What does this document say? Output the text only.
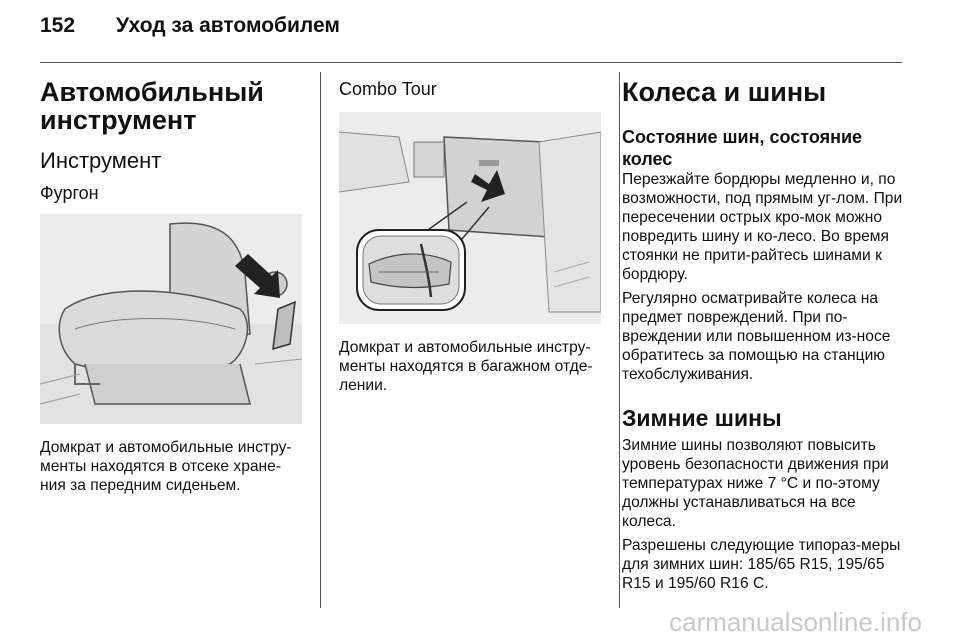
152 Уход за автомобилем
Автомобильный инструмент
Инструмент
Фургон

Домкрат и автомобильные инстру-менты находятся в отсеке хране-ния за передним сиденьем.

Combo Tour

Домкрат и автомобильные инстру-менты находятся в багажном отде-лении.

Колеса и шины
Состояние шин, состояние колес

Перезжайте бордюры медленно и, по возможности, под прямым уг-лом. При пересечении острых кро-мок можно повредить шину и ко-лесо. Во время стоянки не прити-райтесь шинами к бордюру.

Регулярно осматривайте колеса на предмет повреждений. При по-вреждении или повышенном из-носе обратитесь за помощью на станцию техобслуживания.

Зимние шины

Зимние шины позволяют повысить уровень безопасности движения при температурах ниже 7 °C и по-этому должны устанавливаться на все колеса.

Разрешены следующие типораз-меры для зимних шин: 185/65 R15, 195/65 R15 и 195/60 R16 C.

carmanualsonline.info
